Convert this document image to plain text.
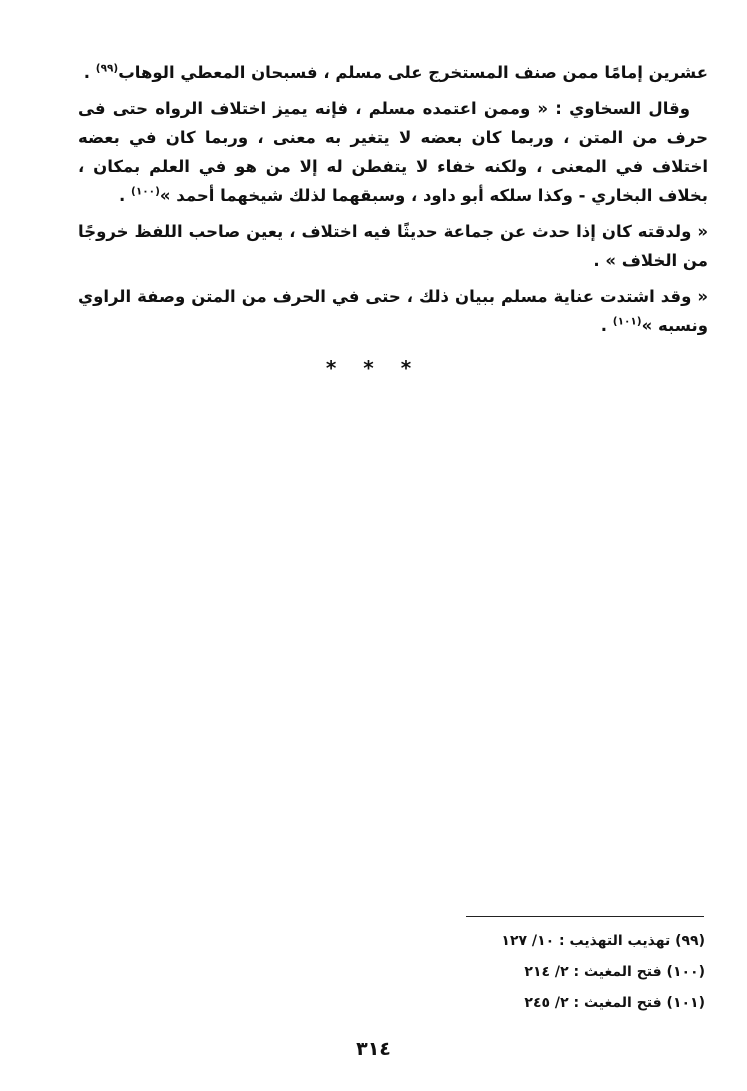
عشرين إمامًا ممن صنف المستخرج على مسلم ، فسبحان المعطي الوهاب$^{(٩٩)}$ .

وقال السخاوي : « وممن اعتمده مسلم ، فإنه يميز اختلاف الرواه حتى فى حرف من المتن ، وربما كان بعضه لا يتغير به معنى ، وربما كان في بعضه اختلاف في المعنى ، ولكنه خفاء لا يتفطن له إلا من هو في العلم بمكان ، بخلاف البخاري - وكذا سلكه أبو داود ، وسبقهما لذلك شيخهما أحمد »$^{(١٠٠)}$ .

« ولدقته كان إذا حدث عن جماعة حديثًا فيه اختلاف ، يعين صاحب اللفظ خروجًا من الخلاف » .

« وقد اشتدت عناية مسلم ببيان ذلك ، حتى في الحرف من المتن وصفة الراوي ونسبه »$^{(١٠١)}$ .

* * *

(٩٩) تهذيب التهذيب : ١٠/ ١٢٧

(١٠٠) فتح المغيث : ٢/ ٢١٤

(١٠١) فتح المغيث : ٢/ ٢٤٥

٣١٤
